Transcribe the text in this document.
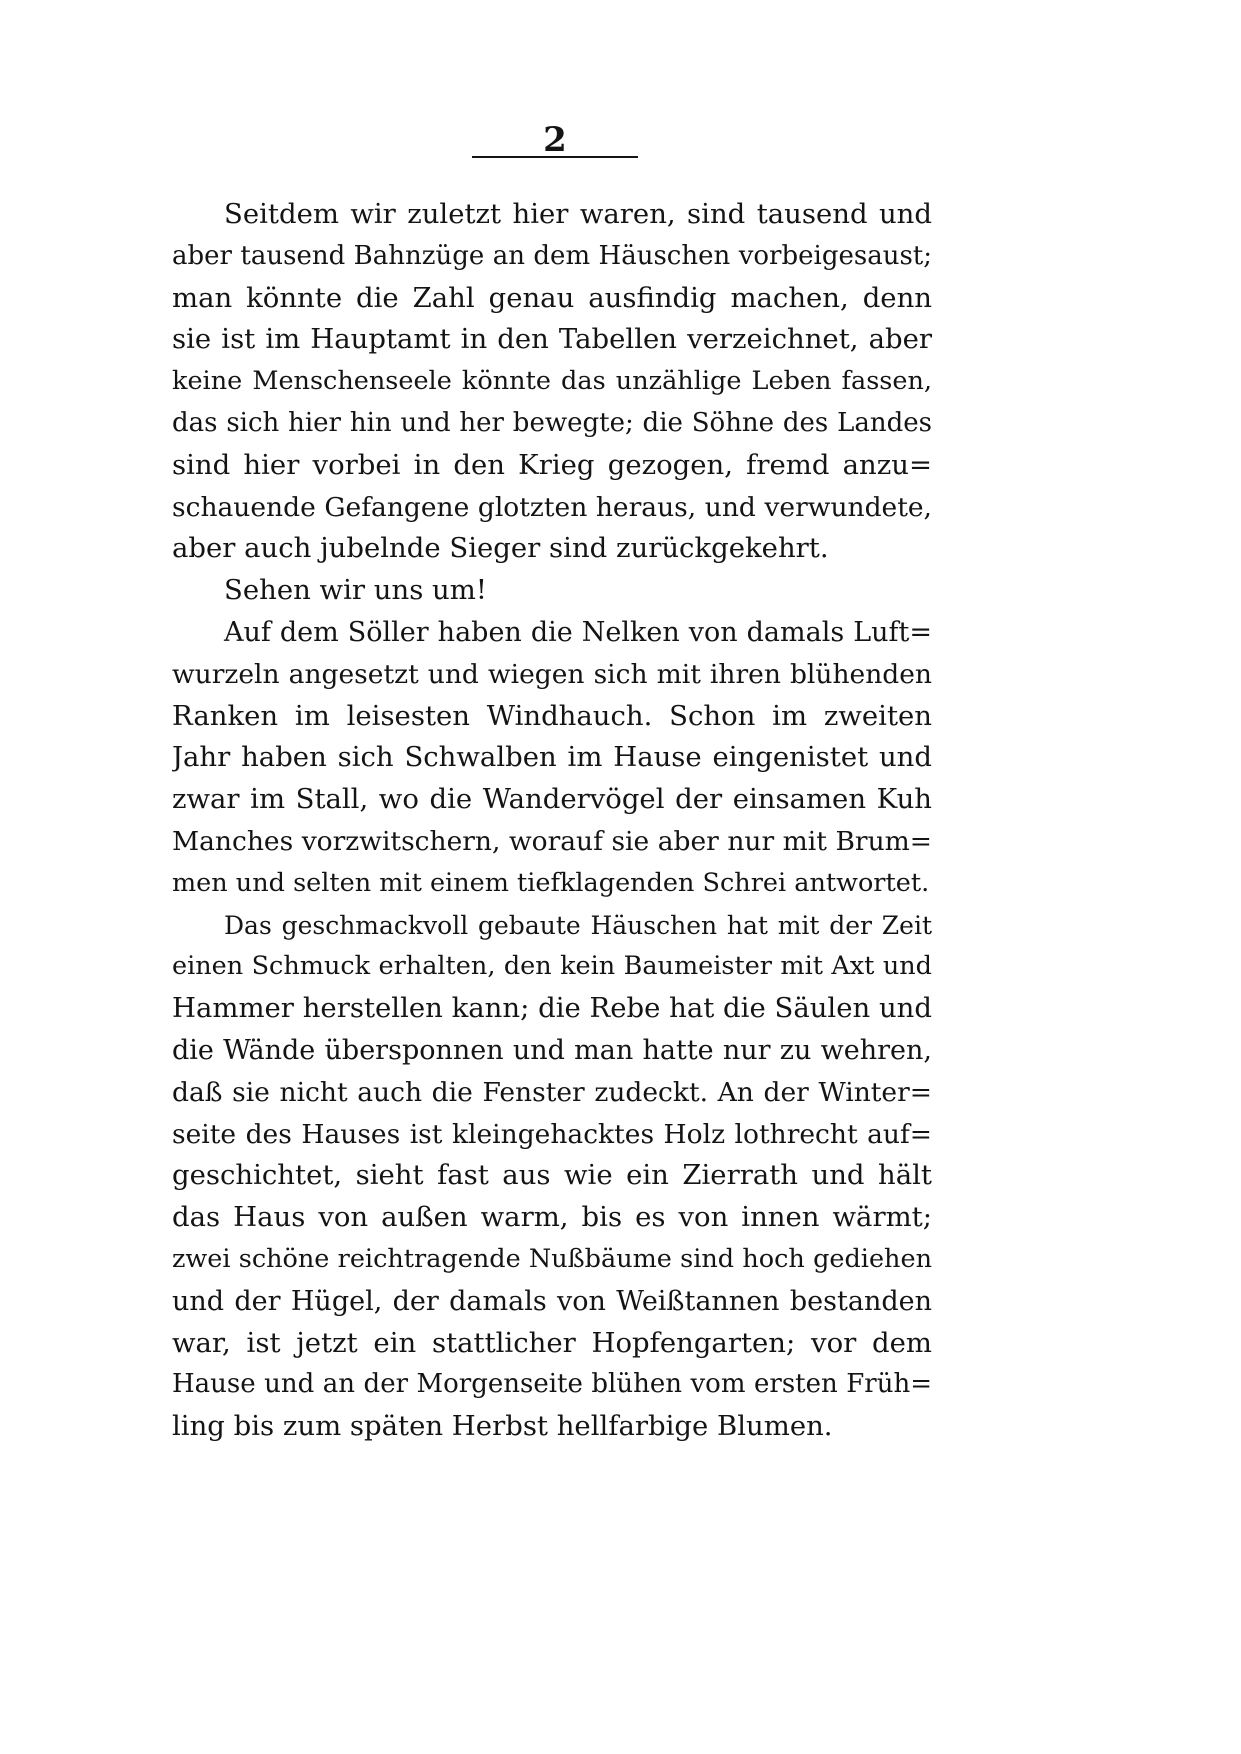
2
Seitdem wir zuletzt hier waren, sind tausend und
aber tausend Bahnzüge an dem Häuschen vorbeigesaust;
man könnte die Zahl genau ausfindig machen, denn
sie ist im Hauptamt in den Tabellen verzeichnet, aber
keine Menschenseele könnte das unzählige Leben fassen,
das sich hier hin und her bewegte; die Söhne des Landes
sind hier vorbei in den Krieg gezogen, fremd anzu=
schauende Gefangene glotzten heraus, und verwundete,
aber auch jubelnde Sieger sind zurückgekehrt.
Sehen wir uns um!
Auf dem Söller haben die Nelken von damals Luft=
wurzeln angesetzt und wiegen sich mit ihren blühenden
Ranken im leisesten Windhauch. Schon im zweiten
Jahr haben sich Schwalben im Hause eingenistet und
zwar im Stall, wo die Wandervögel der einsamen Kuh
Manches vorzwitschern, worauf sie aber nur mit Brum=
men und selten mit einem tiefklagenden Schrei antwortet.
Das geschmackvoll gebaute Häuschen hat mit der Zeit
einen Schmuck erhalten, den kein Baumeister mit Axt und
Hammer herstellen kann; die Rebe hat die Säulen und
die Wände übersponnen und man hatte nur zu wehren,
daß sie nicht auch die Fenster zudeckt. An der Winter=
seite des Hauses ist kleingehacktes Holz lothrecht auf=
geschichtet, sieht fast aus wie ein Zierrath und hält
das Haus von außen warm, bis es von innen wärmt;
zwei schöne reichtragende Nußbäume sind hoch gediehen
und der Hügel, der damals von Weißtannen bestanden
war, ist jetzt ein stattlicher Hopfengarten; vor dem
Hause und an der Morgenseite blühen vom ersten Früh=
ling bis zum späten Herbst hellfarbige Blumen.
